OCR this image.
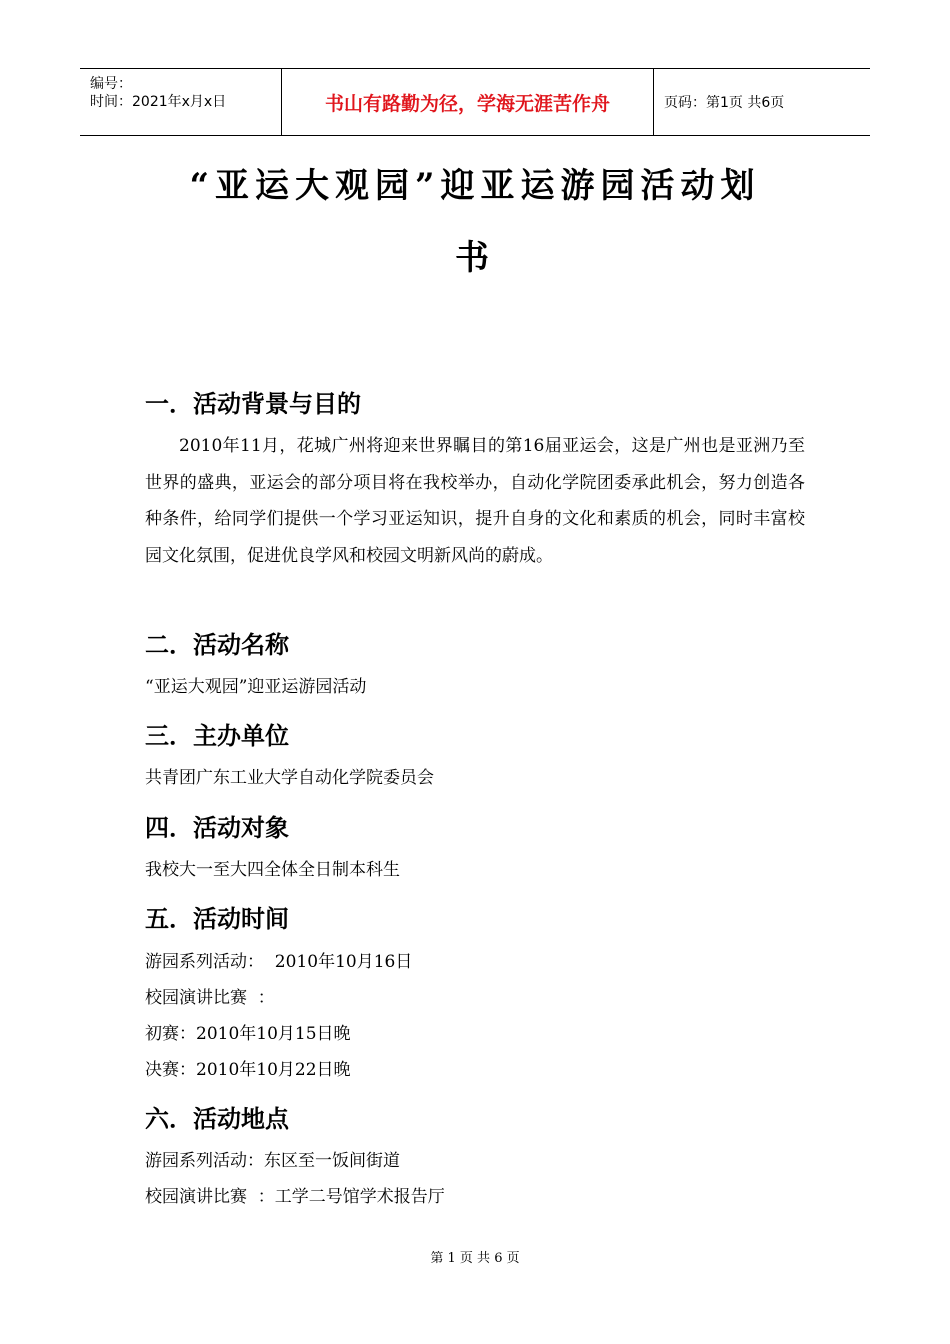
编号：
时间：2021年x月x日	书山有路勤为径，学海无涯苦作舟	页码：第1页 共6页
“亚运大观园”迎亚运游园活动划
书
一．活动背景与目的
2010年11月，花城广州将迎来世界瞩目的第16届亚运会，这是广州也是亚洲乃至世界的盛典，亚运会的部分项目将在我校举办，自动化学院团委承此机会，努力创造各种条件，给同学们提供一个学习亚运知识，提升自身的文化和素质的机会，同时丰富校园文化氛围，促进优良学风和校园文明新风尚的蔚成。
二．活动名称
“亚运大观园”迎亚运游园活动
三．主办单位
共青团广东工业大学自动化学院委员会
四．活动对象
我校大一至大四全体全日制本科生
五．活动时间
游园系列活动：  2010年10月16日
校园演讲比赛  ：
初赛：2010年10月15日晚
决赛：2010年10月22日晚
六．活动地点
游园系列活动：东区至一饭间街道
校园演讲比赛  ：工学二号馆学术报告厅
第 1 页 共 6 页
